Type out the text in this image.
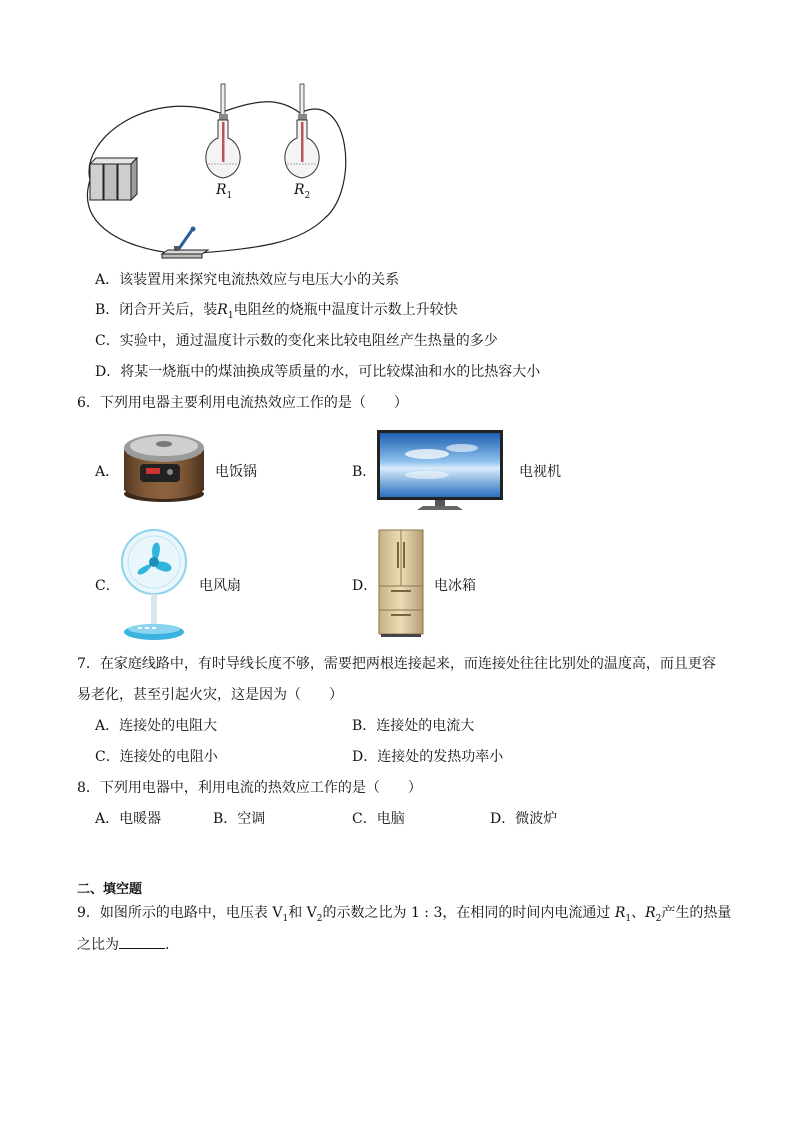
$R_1$	$R_2$
A．该装置用来探究电流热效应与电压大小的关系
B．闭合开关后，装$R_1$电阻丝的烧瓶中温度计示数上升较快
C．实验中，通过温度计示数的变化来比较电阻丝产生热量的多少
D．将某一烧瓶中的煤油换成等质量的水，可比较煤油和水的比热容大小
6．下列用电器主要利用电流热效应工作的是（　　）
A．	电饭锅	B．	电视机
C．	电风扇	D．	电冰箱
7．在家庭线路中，有时导线长度不够，需要把两根连接起来，而连接处往往比别处的温度高，而且更容
易老化，甚至引起火灾，这是因为（　　）
A．连接处的电阻大	B．连接处的电流大
C．连接处的电阻小	D．连接处的发热功率小
8．下列用电器中，利用电流的热效应工作的是（　　）
A．电暖器	B．空调	C．电脑	D．微波炉
二、填空题
9．如图所示的电路中，电压表 $V_1$和 $V_2$的示数之比为 1 : 3，在相同的时间内电流通过 $R_1$、$R_2$产生的热量
之比为	.
